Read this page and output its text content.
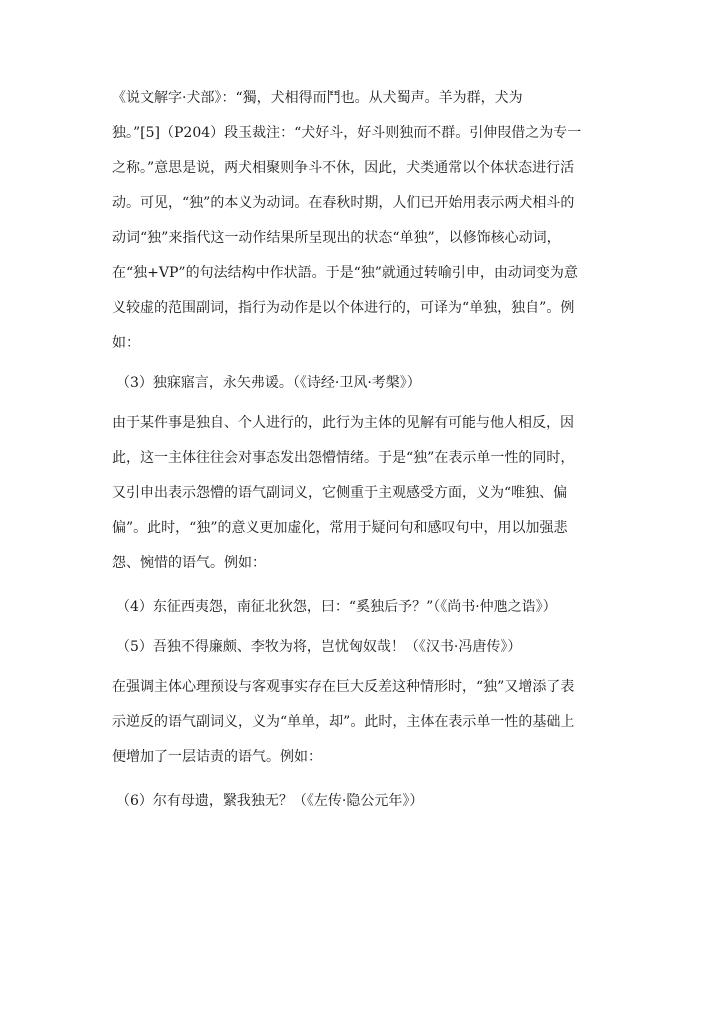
《说文解字·犬部》：“獨，犬相得而鬥也。从犬蜀声。羊为群，犬为
独。”[5]（P204）段玉裁注：“犬好斗，好斗则独而不群。引伸叚借之为专一
之称。”意思是说，两犬相聚则争斗不休，因此，犬类通常以个体状态进行活
动。可见，“独”的本义为动词。在春秋时期，人们已开始用表示两犬相斗的
动词“独”来指代这一动作结果所呈现出的状态“单独”，以修饰核心动词，
在“独+VP”的句法结构中作状語。于是“独”就通过转喻引申，由动词变为意
义较虚的范围副词，指行为动作是以个体进行的，可译为“单独，独自”。例
如：
（3）独寐寤言，永矢弗谖。（《诗经·卫风·考槃》）
由于某件事是独自、个人进行的，此行为主体的见解有可能与他人相反，因
此，这一主体往往会对事态发出怨懵情绪。于是“独”在表示单一性的同时，
又引申出表示怨懵的语气副词义，它侧重于主观感受方面，义为“唯独、偏
偏”。此时，“独”的意义更加虚化，常用于疑问句和感叹句中，用以加强悲
怨、惋惜的语气。例如：
（4）东征西夷怨，南征北狄怨，曰：“奚独后予？”（《尚书·仲虺之诰》）
（5）吾独不得廉颇、李牧为将，岂忧匈奴哉！（《汉书·冯唐传》）
在强调主体心理预设与客观事实存在巨大反差这种情形时，“独”又增添了表
示逆反的语气副词义，义为“单单，却”。此时，主体在表示单一性的基础上
便增加了一层诘责的语气。例如：
（6）尔有母遗，繄我独无？（《左传·隐公元年》）
